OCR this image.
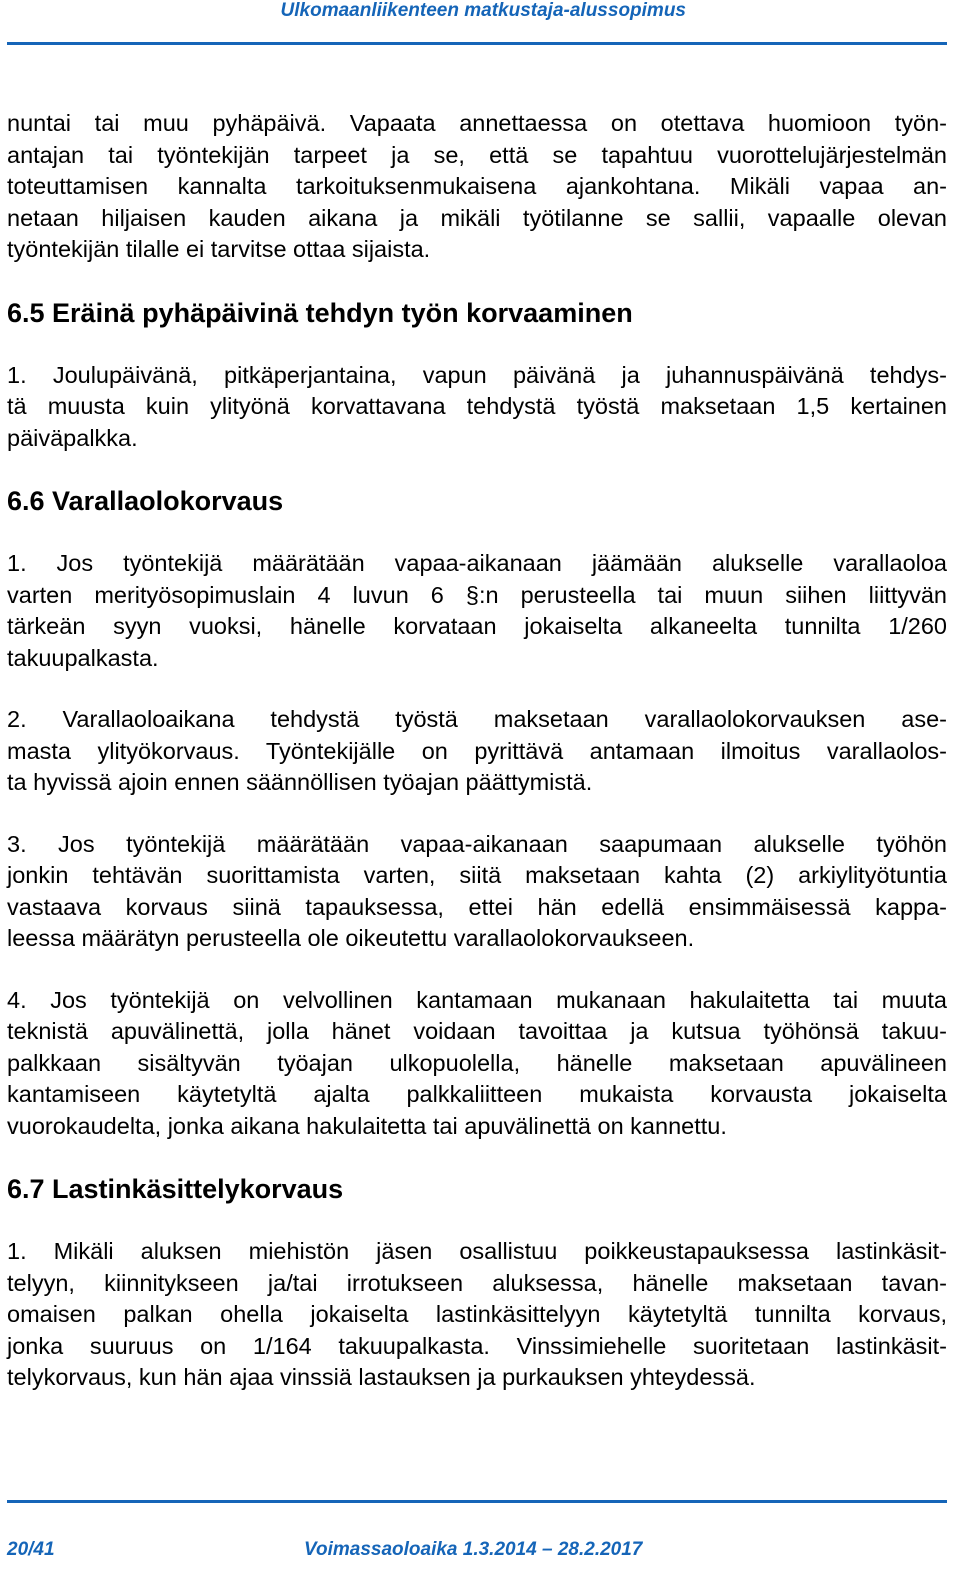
Ulkomaanliikenteen matkustaja-alussopimus
nuntai tai muu pyhäpäivä. Vapaata annettaessa on otettava huomioon työn-
antajan tai työntekijän tarpeet ja se, että se tapahtuu vuorottelujärjestelmän
toteuttamisen kannalta tarkoituksenmukaisena ajankohtana. Mikäli vapaa an-
netaan hiljaisen kauden aikana ja mikäli työtilanne se sallii, vapaalle olevan
työntekijän tilalle ei tarvitse ottaa sijaista.
6.5 Eräinä pyhäpäivinä tehdyn työn korvaaminen
1. Joulupäivänä, pitkäperjantaina, vapun päivänä ja juhannuspäivänä tehdys-
tä muusta kuin ylityönä korvattavana tehdystä työstä maksetaan 1,5 kertainen
päiväpalkka.
6.6 Varallaolokorvaus
1. Jos työntekijä määrätään vapaa-aikanaan jäämään alukselle varallaoloa
varten merityösopimuslain 4 luvun 6 §:n perusteella tai muun siihen liittyvän
tärkeän syyn vuoksi, hänelle korvataan jokaiselta alkaneelta tunnilta 1/260
takuupalkasta.
2. Varallaoloaikana tehdystä työstä maksetaan varallaolokorvauksen ase-
masta ylityökorvaus. Työntekijälle on pyrittävä antamaan ilmoitus varallaolos-
ta hyvissä ajoin ennen säännöllisen työajan päättymistä.
3. Jos työntekijä määrätään vapaa-aikanaan saapumaan alukselle työhön
jonkin tehtävän suorittamista varten, siitä maksetaan kahta (2) arkiylityötuntia
vastaava korvaus siinä tapauksessa, ettei hän edellä ensimmäisessä kappa-
leessa määrätyn perusteella ole oikeutettu varallaolokorvaukseen.
4. Jos työntekijä on velvollinen kantamaan mukanaan hakulaitetta tai muuta
teknistä apuvälinettä, jolla hänet voidaan tavoittaa ja kutsua työhönsä takuu-
palkkaan sisältyvän työajan ulkopuolella, hänelle maksetaan apuvälineen
kantamiseen käytetyltä ajalta palkkaliitteen mukaista korvausta jokaiselta
vuorokaudelta, jonka aikana hakulaitetta tai apuvälinettä on kannettu.
6.7 Lastinkäsittelykorvaus
1. Mikäli aluksen miehistön jäsen osallistuu poikkeustapauksessa lastinkäsit-
telyyn, kiinnitykseen ja/tai irrotukseen aluksessa, hänelle maksetaan tavan-
omaisen palkan ohella jokaiselta lastinkäsittelyyn käytetyltä tunnilta korvaus,
jonka suuruus on 1/164 takuupalkasta. Vinssimiehelle suoritetaan lastinkäsit-
telykorvaus, kun hän ajaa vinssiä lastauksen ja purkauksen yhteydessä.
20/41	Voimassaoloaika 1.3.2014 – 28.2.2017
